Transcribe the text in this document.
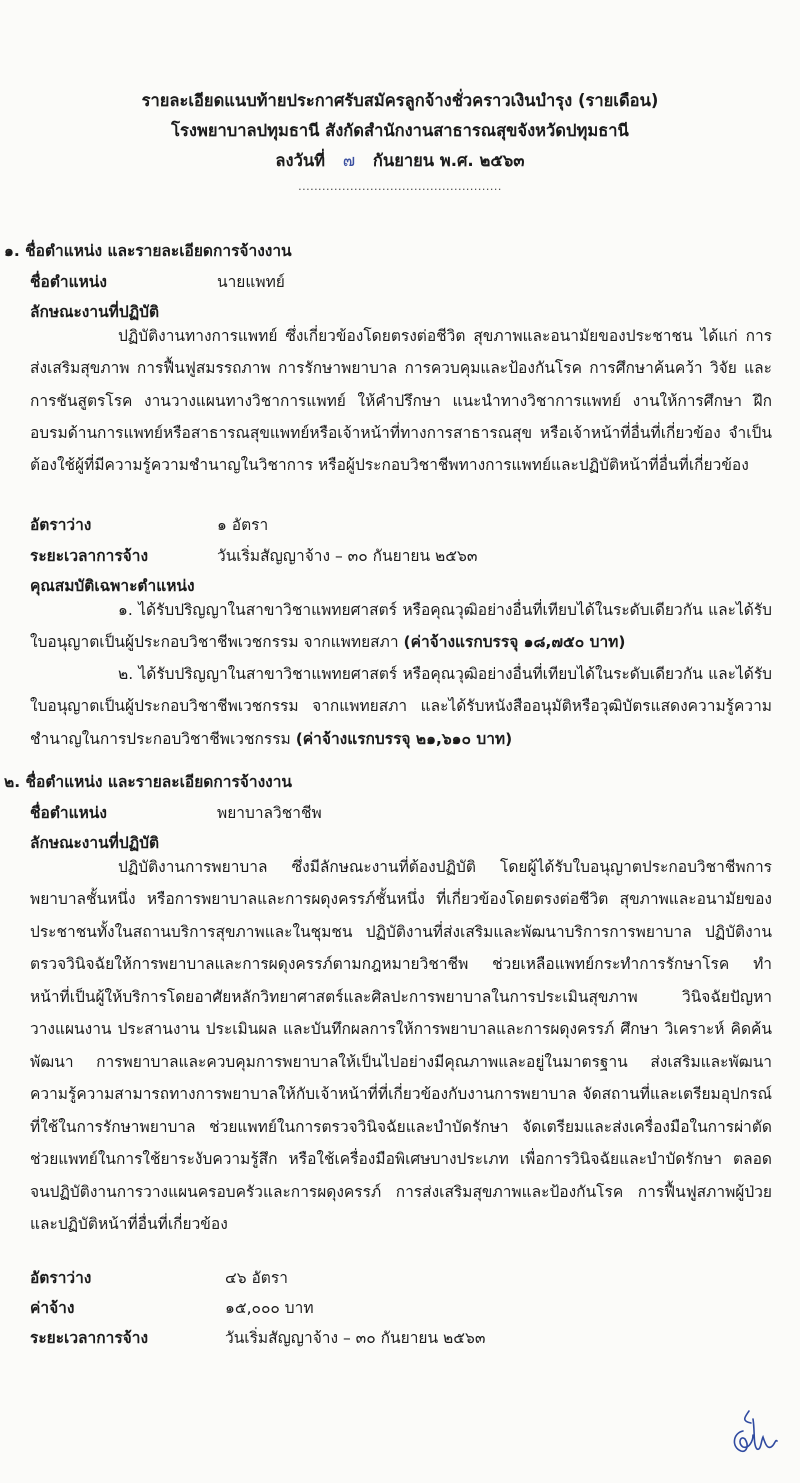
รายละเอียดแนบท้ายประกาศรับสมัครลูกจ้างชั่วคราวเงินบำรุง (รายเดือน)
โรงพยาบาลปทุมธานี สังกัดสำนักงานสาธารณสุขจังหวัดปทุมธานี
ลงวันที่ ๗ กันยายน พ.ศ. ๒๕๖๓
...................................................
๑. ชื่อตำแหน่ง และรายละเอียดการจ้างงาน
ชื่อตำแหน่ง	นายแพทย์
ลักษณะงานที่ปฏิบัติ
ปฏิบัติงานทางการแพทย์ ซึ่งเกี่ยวข้องโดยตรงต่อชีวิต สุขภาพและอนามัยของประชาชน ได้แก่ การส่งเสริมสุขภาพ การฟื้นฟูสมรรถภาพ การรักษาพยาบาล การควบคุมและป้องกันโรค การศึกษาค้นคว้า วิจัย และการชันสูตรโรค งานวางแผนทางวิชาการแพทย์ ให้คำปรึกษา แนะนำทางวิชาการแพทย์ งานให้การศึกษา ฝึกอบรมด้านการแพทย์หรือสาธารณสุขแพทย์หรือเจ้าหน้าที่ทางการสาธารณสุข หรือเจ้าหน้าที่อื่นที่เกี่ยวข้อง จำเป็นต้องใช้ผู้ที่มีความรู้ความชำนาญในวิชาการ หรือผู้ประกอบวิชาชีพทางการแพทย์และปฏิบัติหน้าที่อื่นที่เกี่ยวข้อง
อัตราว่าง	๑ อัตรา
ระยะเวลาการจ้าง	วันเริ่มสัญญาจ้าง – ๓๐ กันยายน ๒๕๖๓
คุณสมบัติเฉพาะตำแหน่ง
๑. ได้รับปริญญาในสาขาวิชาแพทยศาสตร์ หรือคุณวุฒิอย่างอื่นที่เทียบได้ในระดับเดียวกัน และได้รับใบอนุญาตเป็นผู้ประกอบวิชาชีพเวชกรรม จากแพทยสภา (ค่าจ้างแรกบรรจุ ๑๘,๗๕๐ บาท)
๒. ได้รับปริญญาในสาขาวิชาแพทยศาสตร์ หรือคุณวุฒิอย่างอื่นที่เทียบได้ในระดับเดียวกัน และได้รับใบอนุญาตเป็นผู้ประกอบวิชาชีพเวชกรรม จากแพทยสภา และได้รับหนังสืออนุมัติหรือวุฒิบัตรแสดงความรู้ความชำนาญในการประกอบวิชาชีพเวชกรรม (ค่าจ้างแรกบรรจุ ๒๑,๖๑๐ บาท)
๒. ชื่อตำแหน่ง และรายละเอียดการจ้างงาน
ชื่อตำแหน่ง	พยาบาลวิชาชีพ
ลักษณะงานที่ปฏิบัติ
ปฏิบัติงานการพยาบาล ซึ่งมีลักษณะงานที่ต้องปฏิบัติ โดยผู้ได้รับใบอนุญาตประกอบวิชาชีพการพยาบาลชั้นหนึ่ง หรือการพยาบาลและการผดุงครรภ์ชั้นหนึ่ง ที่เกี่ยวข้องโดยตรงต่อชีวิต สุขภาพและอนามัยของประชาชนทั้งในสถานบริการสุขภาพและในชุมชน ปฏิบัติงานที่ส่งเสริมและพัฒนาบริการการพยาบาล ปฏิบัติงานตรวจวินิจฉัยให้การพยาบาลและการผดุงครรภ์ตามกฎหมายวิชาชีพ ช่วยเหลือแพทย์กระทำการรักษาโรค ทำหน้าที่เป็นผู้ให้บริการโดยอาศัยหลักวิทยาศาสตร์และศิลปะการพยาบาลในการประเมินสุขภาพ วินิจฉัยปัญหา วางแผนงาน ประสานงาน ประเมินผล และบันทึกผลการให้การพยาบาลและการผดุงครรภ์ ศึกษา วิเคราะห์ คิดค้น พัฒนา การพยาบาลและควบคุมการพยาบาลให้เป็นไปอย่างมีคุณภาพและอยู่ในมาตรฐาน ส่งเสริมและพัฒนาความรู้ความสามารถทางการพยาบาลให้กับเจ้าหน้าที่ที่เกี่ยวข้องกับงานการพยาบาล จัดสถานที่และเตรียมอุปกรณ์ที่ใช้ในการรักษาพยาบาล ช่วยแพทย์ในการตรวจวินิจฉัยและบำบัดรักษา จัดเตรียมและส่งเครื่องมือในการผ่าตัด ช่วยแพทย์ในการใช้ยาระงับความรู้สึก หรือใช้เครื่องมือพิเศษบางประเภท เพื่อการวินิจฉัยและบำบัดรักษา ตลอดจนปฏิบัติงานการวางแผนครอบครัวและการผดุงครรภ์ การส่งเสริมสุขภาพและป้องกันโรค การฟื้นฟูสภาพผู้ป่วย และปฏิบัติหน้าที่อื่นที่เกี่ยวข้อง
อัตราว่าง	๔๖ อัตรา
ค่าจ้าง	๑๕,๐๐๐ บาท
ระยะเวลาการจ้าง	วันเริ่มสัญญาจ้าง – ๓๐ กันยายน ๒๕๖๓
